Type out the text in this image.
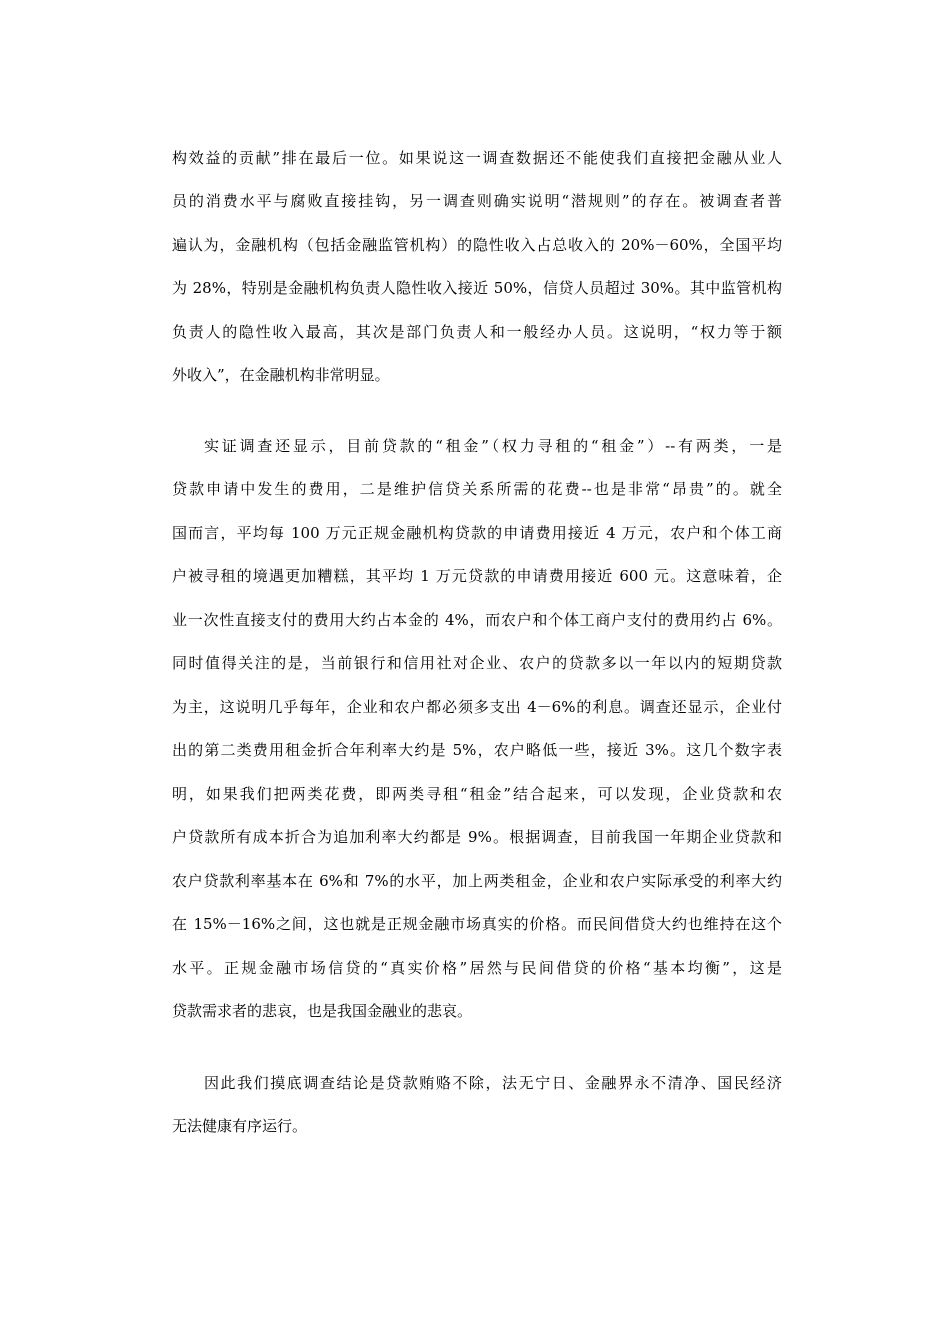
构效益的贡献”排在最后一位。如果说这一调查数据还不能使我们直接把金融从业人
员的消费水平与腐败直接挂钩，另一调查则确实说明“潜规则”的存在。被调查者普
遍认为，金融机构（包括金融监管机构）的隐性收入占总收入的 20%－60%，全国平均
为 28%，特别是金融机构负责人隐性收入接近 50%，信贷人员超过 30%。其中监管机构
负责人的隐性收入最高，其次是部门负责人和一般经办人员。这说明，“权力等于额
外收入”，在金融机构非常明显。
实证调查还显示，目前贷款的“租金”（权力寻租的“租金”）--有两类，一是
贷款申请中发生的费用，二是维护信贷关系所需的花费--也是非常“昂贵”的。就全
国而言，平均每 100 万元正规金融机构贷款的申请费用接近 4 万元，农户和个体工商
户被寻租的境遇更加糟糕，其平均 1 万元贷款的申请费用接近 600 元。这意味着，企
业一次性直接支付的费用大约占本金的 4%，而农户和个体工商户支付的费用约占 6%。
同时值得关注的是，当前银行和信用社对企业、农户的贷款多以一年以内的短期贷款
为主，这说明几乎每年，企业和农户都必须多支出 4－6%的利息。调查还显示，企业付
出的第二类费用租金折合年利率大约是 5%，农户略低一些，接近 3%。这几个数字表
明，如果我们把两类花费，即两类寻租“租金”结合起来，可以发现，企业贷款和农
户贷款所有成本折合为追加利率大约都是 9%。根据调查，目前我国一年期企业贷款和
农户贷款利率基本在 6%和 7%的水平，加上两类租金，企业和农户实际承受的利率大约
在 15%－16%之间，这也就是正规金融市场真实的价格。而民间借贷大约也维持在这个
水平。正规金融市场信贷的“真实价格”居然与民间借贷的价格“基本均衡”，这是
贷款需求者的悲哀，也是我国金融业的悲哀。
因此我们摸底调查结论是贷款贿赂不除，法无宁日、金融界永不清净、国民经济
无法健康有序运行。
